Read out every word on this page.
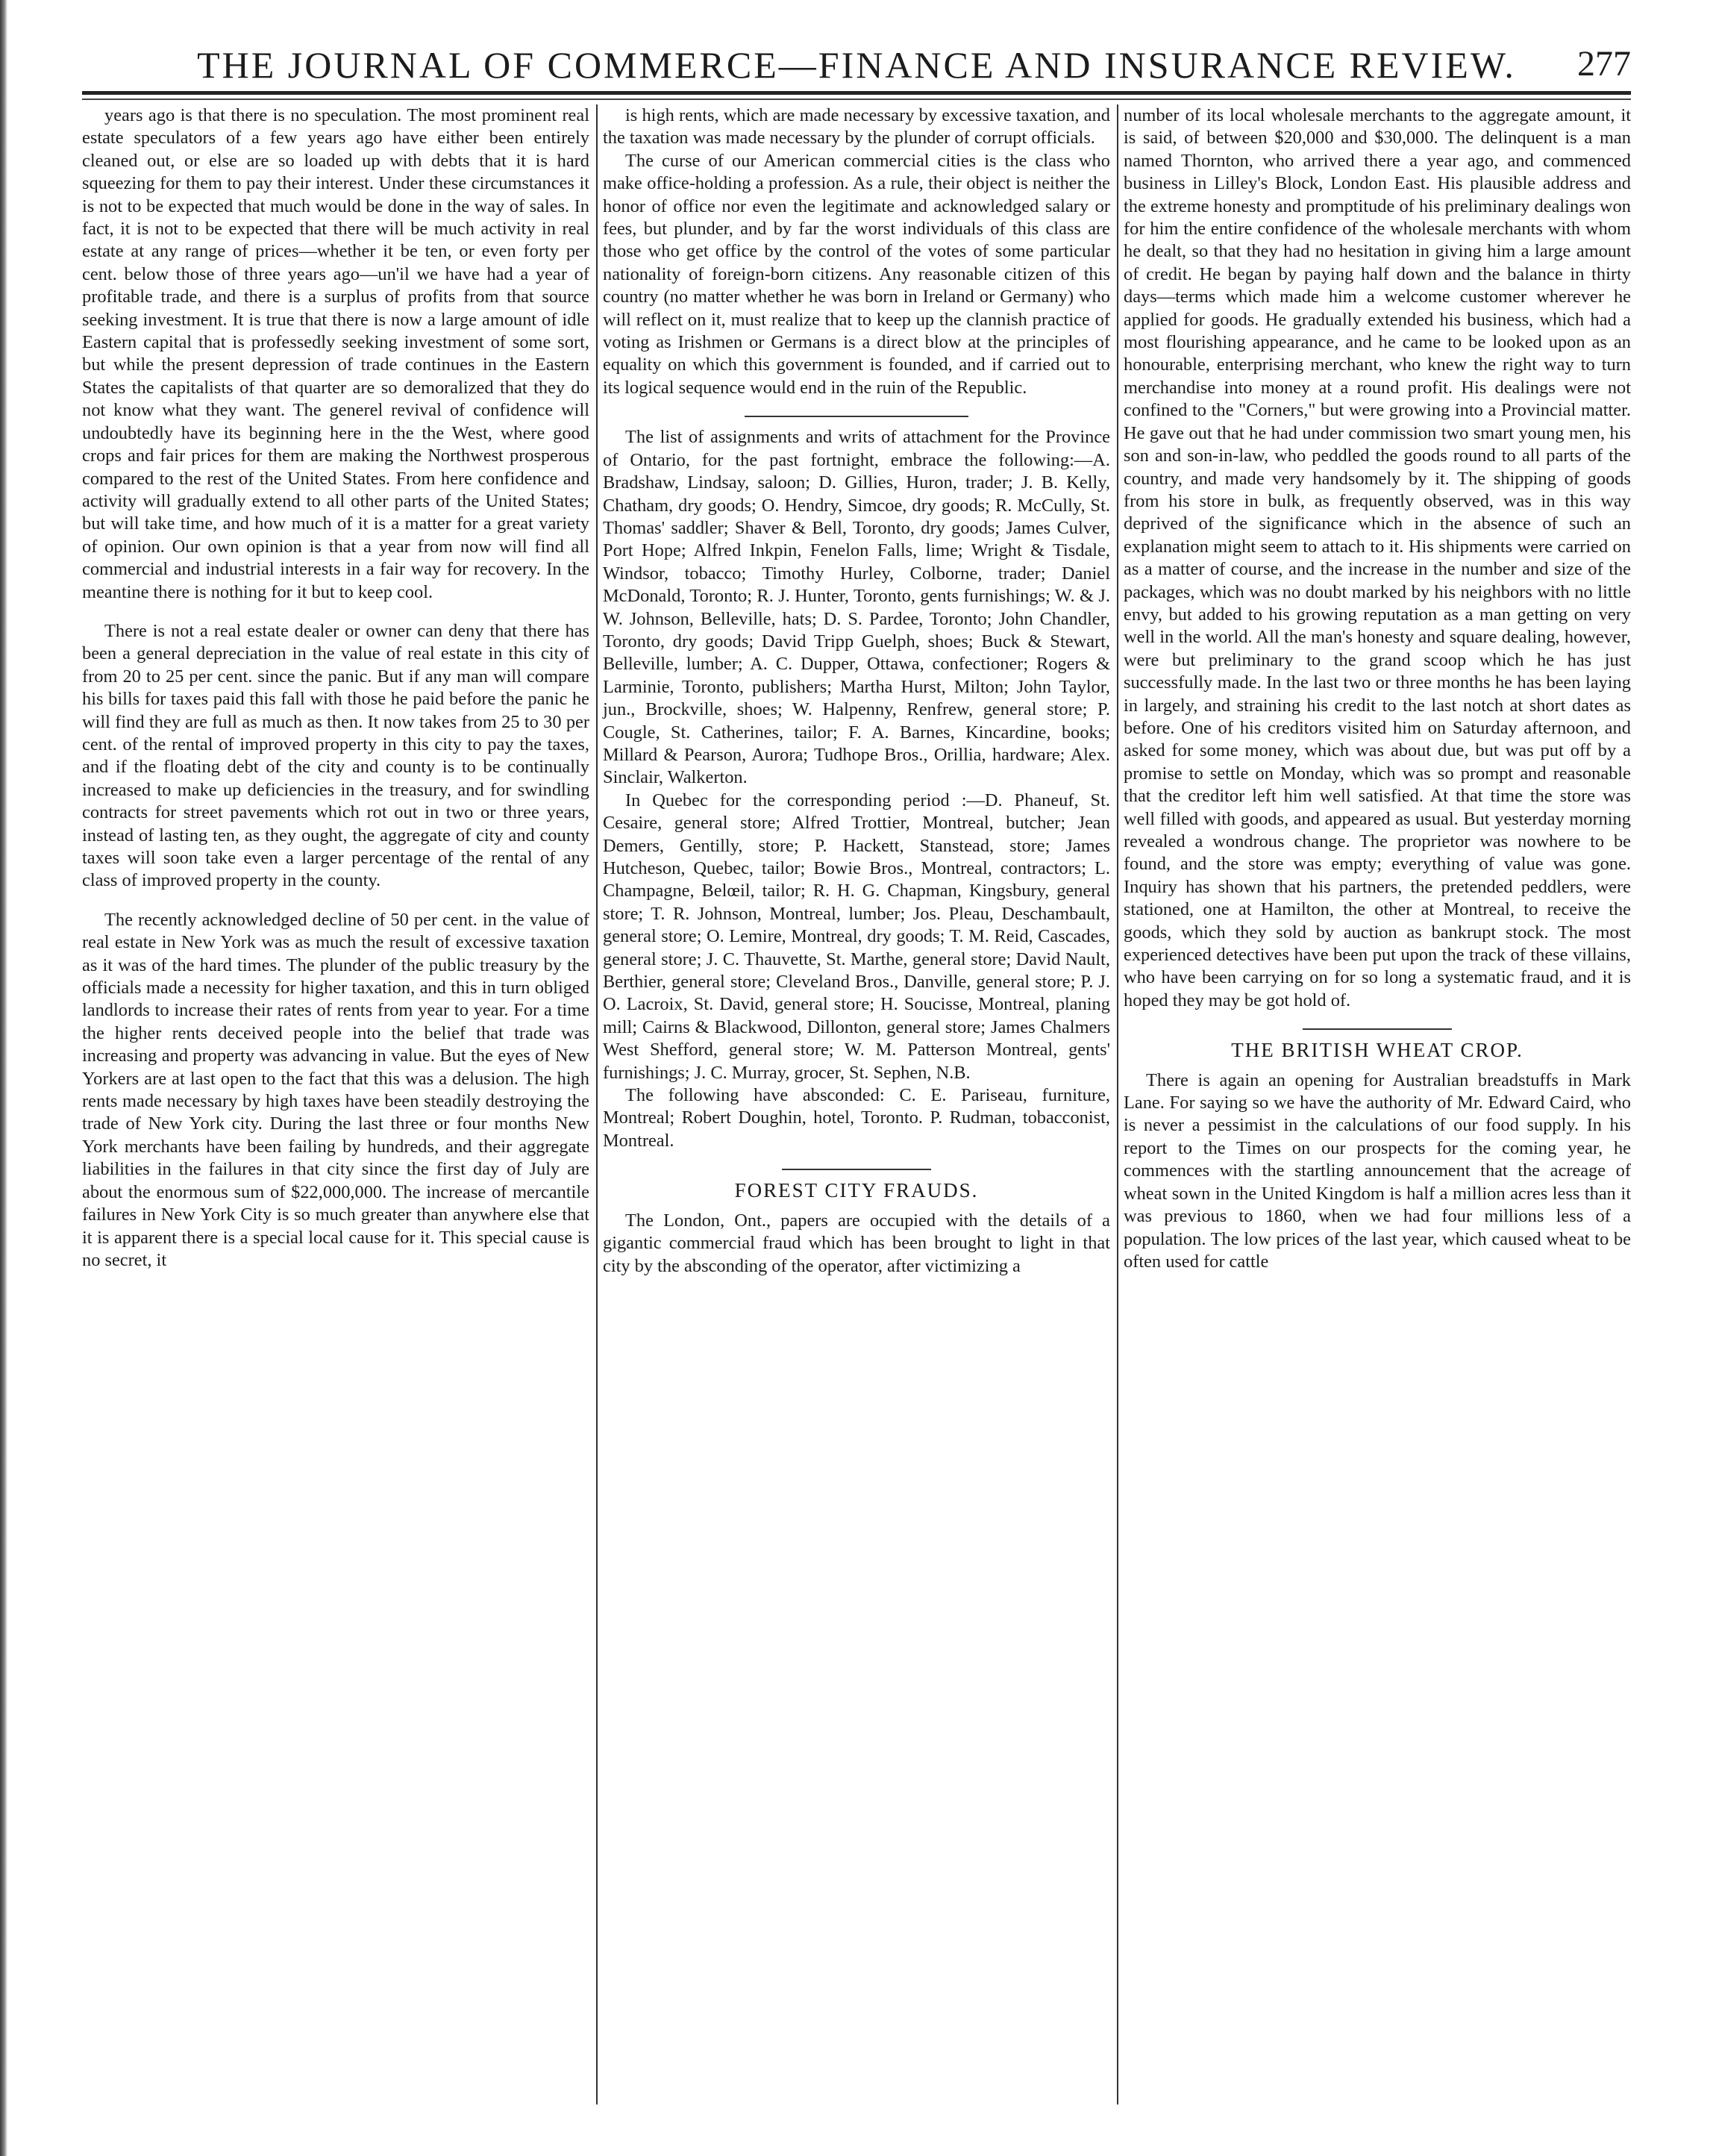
THE JOURNAL OF COMMERCE—FINANCE AND INSURANCE REVIEW.	277

years ago is that there is no speculation. The most prominent real estate speculators of a few years ago have either been entirely cleaned out, or else are so loaded up with debts that it is hard squeezing for them to pay their interest. Under these circumstances it is not to be expected that much would be done in the way of sales. In fact, it is not to be expected that there will be much activity in real estate at any range of prices—whether it be ten, or even forty per cent. below those of three years ago—un'il we have had a year of profitable trade, and there is a surplus of profits from that source seeking investment. It is true that there is now a large amount of idle Eastern capital that is professedly seeking investment of some sort, but while the present depression of trade continues in the Eastern States the capitalists of that quarter are so demoralized that they do not know what they want. The generel revival of confidence will undoubtedly have its beginning here in the the West, where good crops and fair prices for them are making the Northwest prosperous compared to the rest of the United States. From here confidence and activity will gradually extend to all other parts of the United States; but will take time, and how much of it is a matter for a great variety of opinion. Our own opinion is that a year from now will find all commercial and industrial interests in a fair way for recovery. In the meantine there is nothing for it but to keep cool.

There is not a real estate dealer or owner can deny that there has been a general depreciation in the value of real estate in this city of from 20 to 25 per cent. since the panic. But if any man will compare his bills for taxes paid this fall with those he paid before the panic he will find they are full as much as then. It now takes from 25 to 30 per cent. of the rental of improved property in this city to pay the taxes, and if the floating debt of the city and county is to be continually increased to make up deficiencies in the treasury, and for swindling contracts for street pavements which rot out in two or three years, instead of lasting ten, as they ought, the aggregate of city and county taxes will soon take even a larger percentage of the rental of any class of improved property in the county.

The recently acknowledged decline of 50 per cent. in the value of real estate in New York was as much the result of excessive taxation as it was of the hard times. The plunder of the public treasury by the officials made a necessity for higher taxation, and this in turn obliged landlords to increase their rates of rents from year to year. For a time the higher rents deceived people into the belief that trade was increasing and property was advancing in value. But the eyes of New Yorkers are at last open to the fact that this was a delusion. The high rents made necessary by high taxes have been steadily destroying the trade of New York city. During the last three or four months New York merchants have been failing by hundreds, and their aggregate liabilities in the failures in that city since the first day of July are about the enormous sum of $22,000,000. The increase of mercantile failures in New York City is so much greater than anywhere else that it is apparent there is a special local cause for it. This special cause is no secret, it

is high rents, which are made necessary by excessive taxation, and the taxation was made necessary by the plunder of corrupt officials.

The curse of our American commercial cities is the class who make office-holding a profession. As a rule, their object is neither the honor of office nor even the legitimate and acknowledged salary or fees, but plunder, and by far the worst individuals of this class are those who get office by the control of the votes of some particular nationality of foreign-born citizens. Any reasonable citizen of this country (no matter whether he was born in Ireland or Germany) who will reflect on it, must realize that to keep up the clannish practice of voting as Irishmen or Germans is a direct blow at the principles of equality on which this government is founded, and if carried out to its logical sequence would end in the ruin of the Republic.

The list of assignments and writs of attachment for the Province of Ontario, for the past fortnight, embrace the following:—A. Bradshaw, Lindsay, saloon; D. Gillies, Huron, trader; J. B. Kelly, Chatham, dry goods; O. Hendry, Simcoe, dry goods; R. McCully, St. Thomas' saddler; Shaver & Bell, Toronto, dry goods; James Culver, Port Hope; Alfred Inkpin, Fenelon Falls, lime; Wright & Tisdale, Windsor, tobacco; Timothy Hurley, Colborne, trader; Daniel McDonald, Toronto; R. J. Hunter, Toronto, gents furnishings; W. & J. W. Johnson, Belleville, hats; D. S. Pardee, Toronto; John Chandler, Toronto, dry goods; David Tripp Guelph, shoes; Buck & Stewart, Belleville, lumber; A. C. Dupper, Ottawa, confectioner; Rogers & Larminie, Toronto, publishers; Martha Hurst, Milton; John Taylor, jun., Brockville, shoes; W. Halpenny, Renfrew, general store; P. Cougle, St. Catherines, tailor; F. A. Barnes, Kincardine, books; Millard & Pearson, Aurora; Tudhope Bros., Orillia, hardware; Alex. Sinclair, Walkerton.

In Quebec for the corresponding period :—D. Phaneuf, St. Cesaire, general store; Alfred Trottier, Montreal, butcher; Jean Demers, Gentilly, store; P. Hackett, Stanstead, store; James Hutcheson, Quebec, tailor; Bowie Bros., Montreal, contractors; L. Champagne, Belœil, tailor; R. H. G. Chapman, Kingsbury, general store; T. R. Johnson, Montreal, lumber; Jos. Pleau, Deschambault, general store; O. Lemire, Montreal, dry goods; T. M. Reid, Cascades, general store; J. C. Thauvette, St. Marthe, general store; David Nault, Berthier, general store; Cleveland Bros., Danville, general store; P. J. O. Lacroix, St. David, general store; H. Soucisse, Montreal, planing mill; Cairns & Blackwood, Dillonton, general store; James Chalmers West Shefford, general store; W. M. Patterson Montreal, gents' furnishings; J. C. Murray, grocer, St. Sephen, N.B.

The following have absconded: C. E. Pariseau, furniture, Montreal; Robert Doughin, hotel, Toronto. P. Rudman, tobacconist, Montreal.

FOREST CITY FRAUDS.

The London, Ont., papers are occupied with the details of a gigantic commercial fraud which has been brought to light in that city by the absconding of the operator, after victimizing a

number of its local wholesale merchants to the aggregate amount, it is said, of between $20,000 and $30,000. The delinquent is a man named Thornton, who arrived there a year ago, and commenced business in Lilley's Block, London East. His plausible address and the extreme honesty and promptitude of his preliminary dealings won for him the entire confidence of the wholesale merchants with whom he dealt, so that they had no hesitation in giving him a large amount of credit. He began by paying half down and the balance in thirty days—terms which made him a welcome customer wherever he applied for goods. He gradually extended his business, which had a most flourishing appearance, and he came to be looked upon as an honourable, enterprising merchant, who knew the right way to turn merchandise into money at a round profit. His dealings were not confined to the "Corners," but were growing into a Provincial matter. He gave out that he had under commission two smart young men, his son and son-in-law, who peddled the goods round to all parts of the country, and made very handsomely by it. The shipping of goods from his store in bulk, as frequently observed, was in this way deprived of the significance which in the absence of such an explanation might seem to attach to it. His shipments were carried on as a matter of course, and the increase in the number and size of the packages, which was no doubt marked by his neighbors with no little envy, but added to his growing reputation as a man getting on very well in the world. All the man's honesty and square dealing, however, were but preliminary to the grand scoop which he has just successfully made. In the last two or three months he has been laying in largely, and straining his credit to the last notch at short dates as before. One of his creditors visited him on Saturday afternoon, and asked for some money, which was about due, but was put off by a promise to settle on Monday, which was so prompt and reasonable that the creditor left him well satisfied. At that time the store was well filled with goods, and appeared as usual. But yesterday morning revealed a wondrous change. The proprietor was nowhere to be found, and the store was empty; everything of value was gone. Inquiry has shown that his partners, the pretended peddlers, were stationed, one at Hamilton, the other at Montreal, to receive the goods, which they sold by auction as bankrupt stock. The most experienced detectives have been put upon the track of these villains, who have been carrying on for so long a systematic fraud, and it is hoped they may be got hold of.

THE BRITISH WHEAT CROP.

There is again an opening for Australian breadstuffs in Mark Lane. For saying so we have the authority of Mr. Edward Caird, who is never a pessimist in the calculations of our food supply. In his report to the Times on our prospects for the coming year, he commences with the startling announcement that the acreage of wheat sown in the United Kingdom is half a million acres less than it was previous to 1860, when we had four millions less of a population. The low prices of the last year, which caused wheat to be often used for cattle
